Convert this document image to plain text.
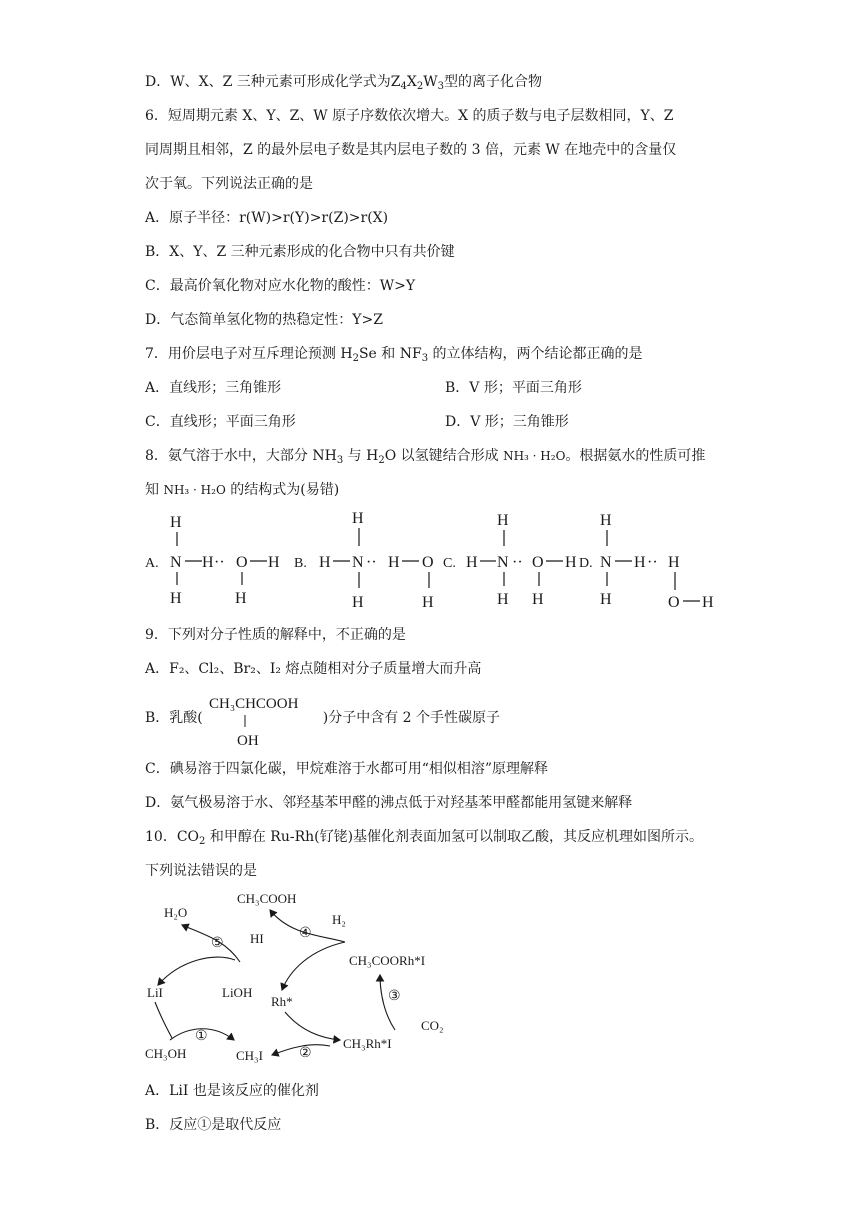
D．W、X、Z 三种元素可形成化学式为$Z_4X_2W_3$型的离子化合物
6．短周期元素 X、Y、Z、W 原子序数依次增大。X 的质子数与电子层数相同，Y、Z
同周期且相邻，Z 的最外层电子数是其内层电子数的 3 倍，元素 W 在地壳中的含量仅
次于氧。下列说法正确的是
A．原子半径：r(W)>r(Y)>r(Z)>r(X)
B．X、Y、Z 三种元素形成的化合物中只有共价键
C．最高价氧化物对应水化物的酸性：W>Y
D．气态简单氢化物的热稳定性：Y>Z
7．用价层电子对互斥理论预测 $H_2Se$ 和 $NF_3$ 的立体结构，两个结论都正确的是
A．直线形；三角锥形	B．V 形；平面三角形
C．直线形；平面三角形	D．V 形；三角锥形
8．氨气溶于水中，大部分 $NH_3$ 与 $H_2O$ 以氢键结合形成 NH₃ · H₂O。根据氨水的性质可推
知 NH₃ · H₂O 的结构式为(易错)
A.
H
N H ·· O H
H	H
B.
H
H N ·· H O
H	H
C.
H
H N ·· O H
H H
D.
H
N H ·· H
O H
H
9．下列对分子性质的解释中，不正确的是
A．F₂、Cl₂、Br₂、I₂ 熔点随相对分子质量增大而升高
B．乳酸(	)分子中含有 2 个手性碳原子
CH₃CHCOOH
OH
C．碘易溶于四氯化碳，甲烷难溶于水都可用“相似相溶”原理解释
D．氨气极易溶于水、邻羟基苯甲醛的沸点低于对羟基苯甲醛都能用氢键来解释
10．$CO_2$ 和甲醇在 Ru-Rh(钌铑)基催化剂表面加氢可以制取乙酸，其反应机理如图所示。
下列说法错误的是
CH₃COOH
H₂O	H₂
HI
CH₃COORh*I
LiI	LiOH
Rh*
CO₂
CH₃OH	CH₃I
CH₃Rh*I
⑤
④
③
②
①
A．LiI 也是该反应的催化剂
B．反应①是取代反应
